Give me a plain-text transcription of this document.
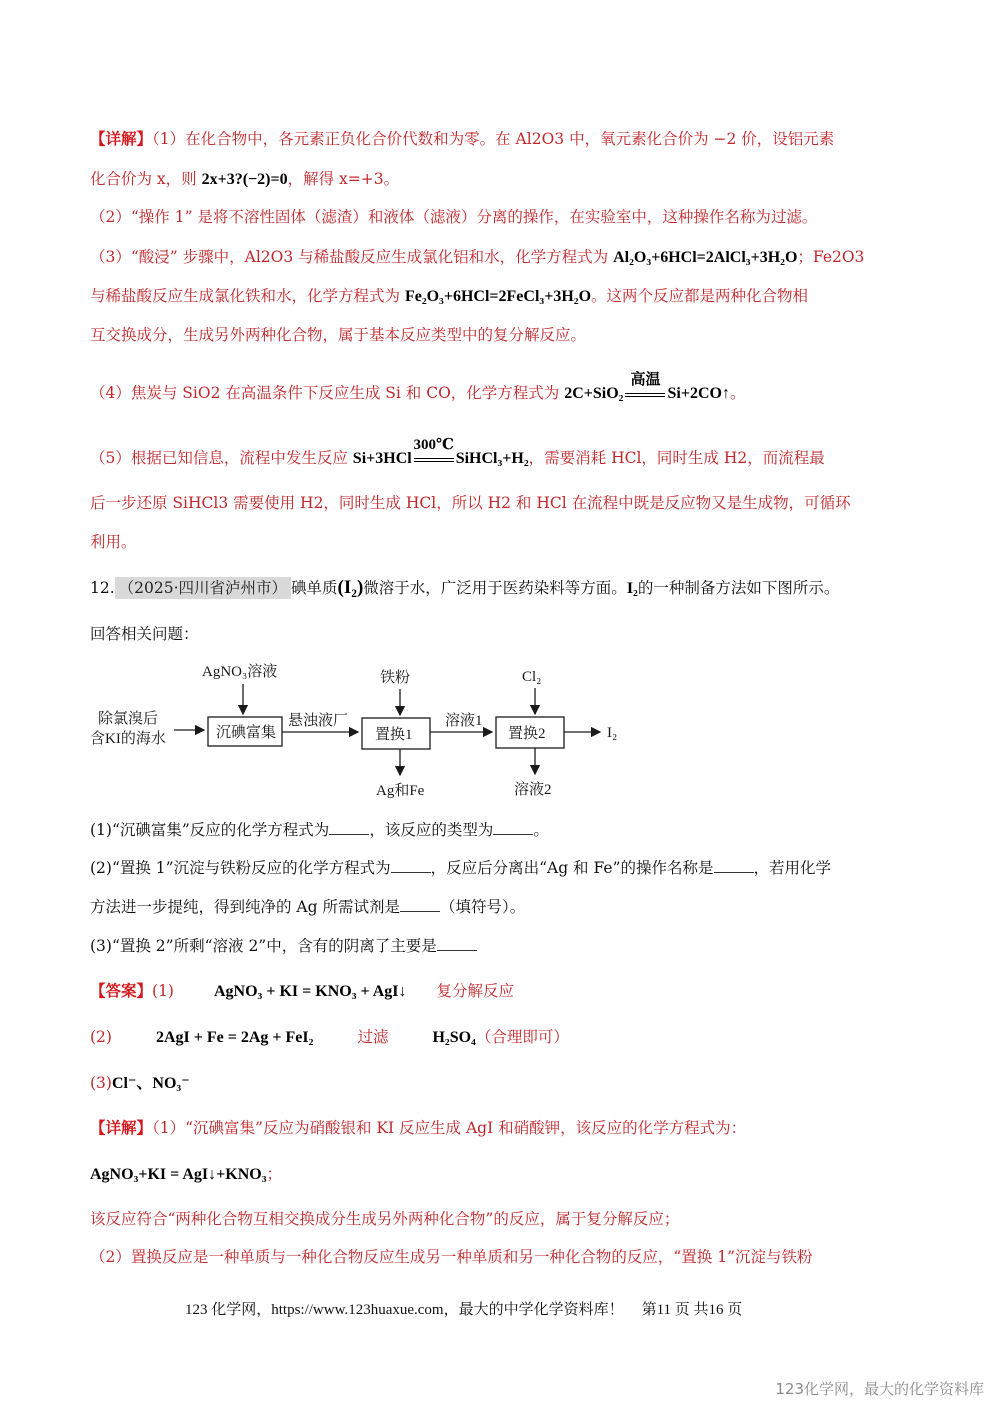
【详解】（1）在化合物中，各元素正负化合价代数和为零。在 Al2O3 中，氧元素化合价为 −2 价，设铝元素
化合价为 x，则 2x+3?(−2)=0，解得 x=+3。
（2）“操作 1” 是将不溶性固体（滤渣）和液体（滤液）分离的操作，在实验室中，这种操作名称为过滤。
（3）“酸浸” 步骤中，Al2O3 与稀盐酸反应生成氯化铝和水，化学方程式为 Al₂O₃+6HCl=2AlCl₃+3H₂O；Fe2O3
与稀盐酸反应生成氯化铁和水，化学方程式为 Fe₂O₃+6HCl=2FeCl₃+3H₂O。这两个反应都是两种化合物相
互交换成分，生成另外两种化合物，属于基本反应类型中的复分解反应。
（4）焦炭与 SiO2 在高温条件下反应生成 Si 和 CO，化学方程式为 2C+SiO₂
高温
Si+2CO↑。
（5）根据已知信息，流程中发生反应 Si+3HCl
300℃
SiHCl₃+H₂，需要消耗 HCl，同时生成 H2，而流程最
后一步还原 SiHCl3 需要使用 H2，同时生成 HCl，所以 H2 和 HCl 在流程中既是反应物又是生成物，可循环
利用。
12. （2025·四川省泸州市） 碘单质(I₂)微溶于水，广泛用于医药染料等方面。I₂的一种制备方法如下图所示。
回答相关问题：
除氯溴后
含KI的海水
AgNO₃溶液
沉碘富集
悬浊液厂
铁粉
置换1
Ag和Fe
溶液1
Cl₂
置换2
溶液2
I₂
(1)“沉碘富集”反应的化学方程式为	，该反应的类型为	。
(2)“置换 1”沉淀与铁粉反应的化学方程式为	，反应后分离出“Ag 和 Fe”的操作名称是	，若用化学
方法进一步提纯，得到纯净的 Ag 所需试剂是	（填符号）。
(3)“置换 2”所剩“溶液 2”中，含有的阴离了主要是
【答案】(1)	AgNO₃ + KI = KNO₃ + AgI↓ 复分解反应
(2)	2AgI + Fe = 2Ag + FeI₂	过滤	H₂SO₄（合理即可）
(3)Cl⁻、NO₃⁻
【详解】（1）“沉碘富集”反应为硝酸银和 KI 反应生成 AgI 和硝酸钾，该反应的化学方程式为：
AgNO₃+KI = AgI↓+KNO₃；
该反应符合“两种化合物互相交换成分生成另外两种化合物”的反应，属于复分解反应；
（2）置换反应是一种单质与一种化合物反应生成另一种单质和另一种化合物的反应，“置换 1”沉淀与铁粉
123 化学网，https://www.123huaxue.com，最大的中学化学资料库！ 第11 页 共16 页
123化学网，最大的化学资料库
